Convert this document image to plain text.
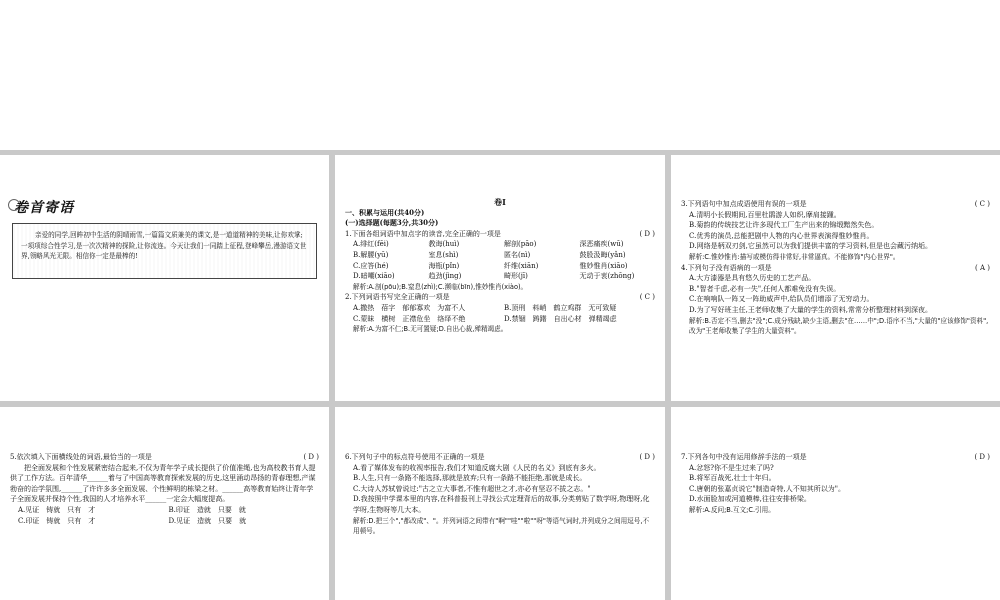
卷首寄语
亲爱的同学,回眸初中生活的阴晴雨雪,一篇篇文质兼美的课文,是一道道精神的美味,让你欢掌;一项项综合性学习,是一次次精神的探险,让你流连。今天让我们一同踏上征程,登峰攀岳,漫游语文世界,领略风光无限。相信你一定是最棒的!
卷Ⅰ
一、积累与运用(共40分)
(一)选择题(每题3分,共30分)
1.下面各组词语中加点字的读音,完全正确的一项是	( D )
A.绯红(fēi)	教诲(huì)	解剖(pāo)	深恶痛疾(wū)
B.解腰(yū)	室息(shì)	匿名(nì)	鼓股汲晦(yǎn)
C.应答(hé)	海瓶(pǐn)	纤维(xiān)	惟妙惟肖(xiāo)
D.暗嘲(xiāo)	趋劲(jìng)	畸形(jī)	无动于衷(zhōng)
解析:A.剖(pōu);B.窒息(zhì);C.濒临(bīn),惟妙惟肖(xiào)。
2.下列词语书写完全正确的一项是	( C )
A.撒热　蓓字　郁郁寡欢　为富不人	B.顶刑　料峭　鹤立鸡群　无可致疑
C.蒙昧　横树　正襟危坐　络绎不绝	D.禁锢　踌躇　自出心材　弹精竭虑
解析:A.为富不仁;B.无可置疑;D.自出心裁,殚精竭虑。
3.下列语句中加点成语使用有误的一项是	( C )
A.清明小长假期间,百里杜鹃游人如织,摩肩接踵。
B.菊韵的传统技艺让许多现代工厂生产出来的锦缎黯然失色。
C.优秀的演员,总能把剧中人物的内心世界表演得惟妙惟肖。
D.网络是柄双刃剑,它虽然可以为我们提供丰富的学习资料,但是也会藏污纳垢。
解析:C.惟妙惟肖:描写或模仿得非常好,非常逼真。不能修饰"内心世界"。
4.下列句子没有语病的一项是	( A )
A.大方漆器是具有悠久历史的工艺产品。
B."智者千虑,必有一失",任何人都难免没有失误。
C.在响响队一阵又一阵助威声中,给队员们增添了无穷动力。
D.为了写好班主任,王老师收集了大量的学生的资料,常常分析整理材料到深夜。
解析:B.否定不当,删去"没";C.成分残缺,缺少主语,删去"在……中";D.语序不当,"大量的"应该修饰"资料",改为"王老师收集了学生的大量资料"。
5.依次填入下面横线处的词语,最恰当的一项是	( D )
把全面发展和个性发展紧密结合起来,不仅为青年学子成长提供了价值准绳,也为高校教书育人提供了工作方法。百年清华______着与了中国高等教育探索发展的历史,这里涌动昂扬的青春理想,产谋勃奋的治学氛围,______了许许多多全面发展、个性鲜明的栋梁之材。______高等教育始终让青年学子全面发展并保持个性,我国的人才培养水平______一定会大幅度提高。
A.见证　铸就　只有　才	B.印证　造就　只要　就
C.印证　铸就　只有　才	D.见证　造就　只要　就
6.下列句子中的标点符号使用不正确的一项是	( D )
A.看了媒体发布的收视率报告,我们才知道反腐大剧《人民的名义》到底有多火。
B.人生,只有一条路不能选择,那就是放弃;只有一条路不能拒绝,那就是成长。
C.大诗人苏轼曾说过:"古之立大事者,不惟有超世之才,亦必有坚忍不拔之志。"
D.我按照中学课本里的内容,在科普报刊上寻找公式定理背后的故事,分类剪贴了数学呀,物理呀,化学呀,生物呀等几大本。
解析:D.把三个","都改成"、"。并列词语之间带有"啊""哇""啦""呀"等语气词时,并列成分之间用逗号,不用顿号。
7.下列各句中没有运用修辞手法的一项是	( D )
A.忿怒?你不是生过来了吗?
B.将军百战死,壮士十年归。
C.唐朝的张嘉贞说它"制造奇特,人不知其所以为"。
D.水面脸加或河道模棒,往往安排桥梁。
解析:A.反问;B.互文;C.引用。
